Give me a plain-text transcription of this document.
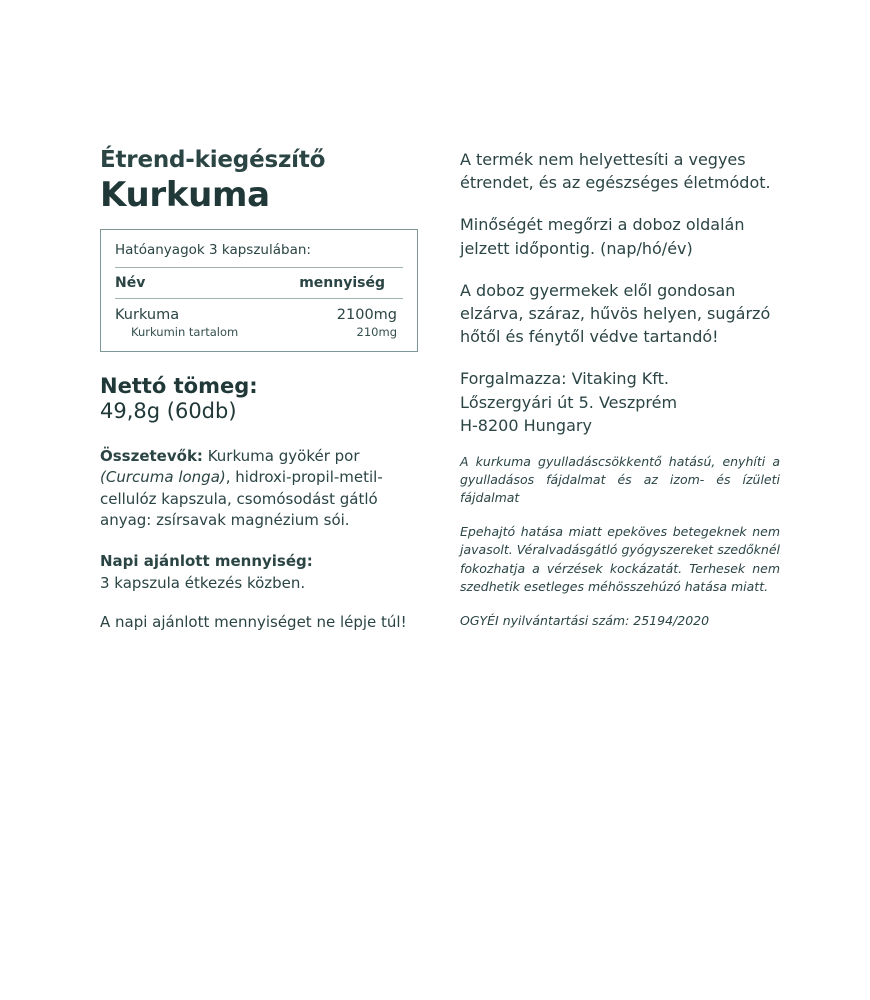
Étrend-kiegészítő
Kurkuma
Hatóanyagok 3 kapszulában:
Név	mennyiség
Kurkuma	2100mg
Kurkumin tartalom	210mg
Nettó tömeg:
49,8g (60db)

Összetevők: Kurkuma gyökér por (Curcuma longa), hidroxi-propil-metil-cellulóz kapszula, csomósodást gátló anyag: zsírsavak magnézium sói.

Napi ajánlott mennyiség:
3 kapszula étkezés közben.

A napi ajánlott mennyiséget ne lépje túl!

A termék nem helyettesíti a vegyes étrendet, és az egészséges életmódot.

Minőségét megőrzi a doboz oldalán jelzett időpontig. (nap/hó/év)

A doboz gyermekek elől gondosan elzárva, száraz, hűvös helyen, sugárzó hőtől és fénytől védve tartandó!

Forgalmazza: Vitaking Kft.
Lőszergyári út 5. Veszprém
H-8200 Hungary

A kurkuma gyulladáscsökkentő hatású, enyhíti a gyulladásos fájdalmat és az izom- és ízületi fájdalmat

Epehajtó hatása miatt epeköves betegeknek nem javasolt. Véralvadásgátló gyógyszereket szedőknél fokozhatja a vérzések kockázatát. Terhesek nem szedhetik esetleges méhösszehúzó hatása miatt.

OGYÉI nyilvántartási szám: 25194/2020
